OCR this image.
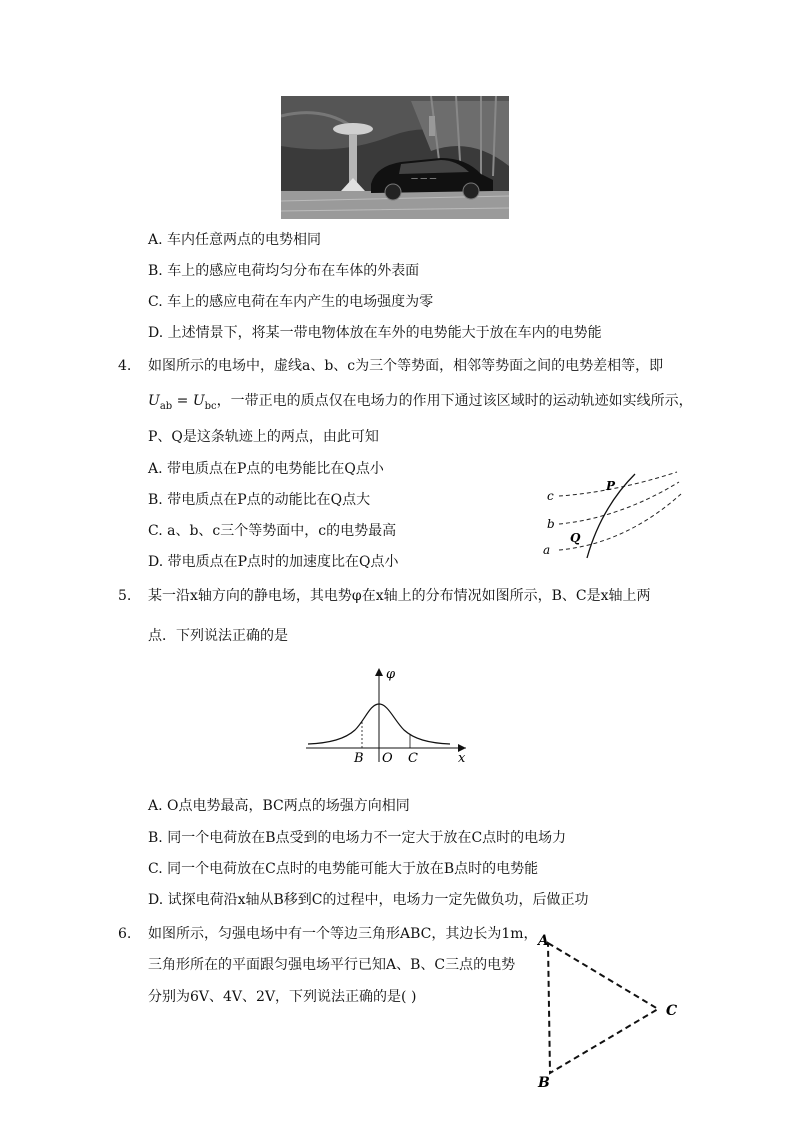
— — —
A. 车内任意两点的电势相同
B. 车上的感应电荷均匀分布在车体的外表面
C. 车上的感应电荷在车内产生的电场强度为零
D. 上述情景下，将某一带电物体放在车外的电势能大于放在车内的电势能
4. 如图所示的电场中，虚线a、b、c为三个等势面，相邻等势面之间的电势差相等，即
$U_{ab} = U_{bc}$，一带正电的质点仅在电场力的作用下通过该区域时的运动轨迹如实线所示，
P、Q是这条轨迹上的两点，由此可知
A. 带电质点在P点的电势能比在Q点小
B. 带电质点在P点的动能比在Q点大
C. a、b、c三个等势面中，c的电势最高
D. 带电质点在P点时的加速度比在Q点小
c
b
a
P
Q
5. 某一沿x轴方向的静电场，其电势φ在x轴上的分布情况如图所示，B、C是x轴上两
点．下列说法正确的是
φ
B O C	x
A. O点电势最高，BC两点的场强方向相同
B. 同一个电荷放在B点受到的电场力不一定大于放在C点时的电场力
C. 同一个电荷放在C点时的电势能可能大于放在B点时的电势能
D. 试探电荷沿x轴从B移到C的过程中，电场力一定先做负功，后做正功
6. 如图所示，匀强电场中有一个等边三角形ABC，其边长为1m，
三角形所在的平面跟匀强电场平行已知A、B、C三点的电势
分别为6V、4V、2V，下列说法正确的是( )
A
C
B
